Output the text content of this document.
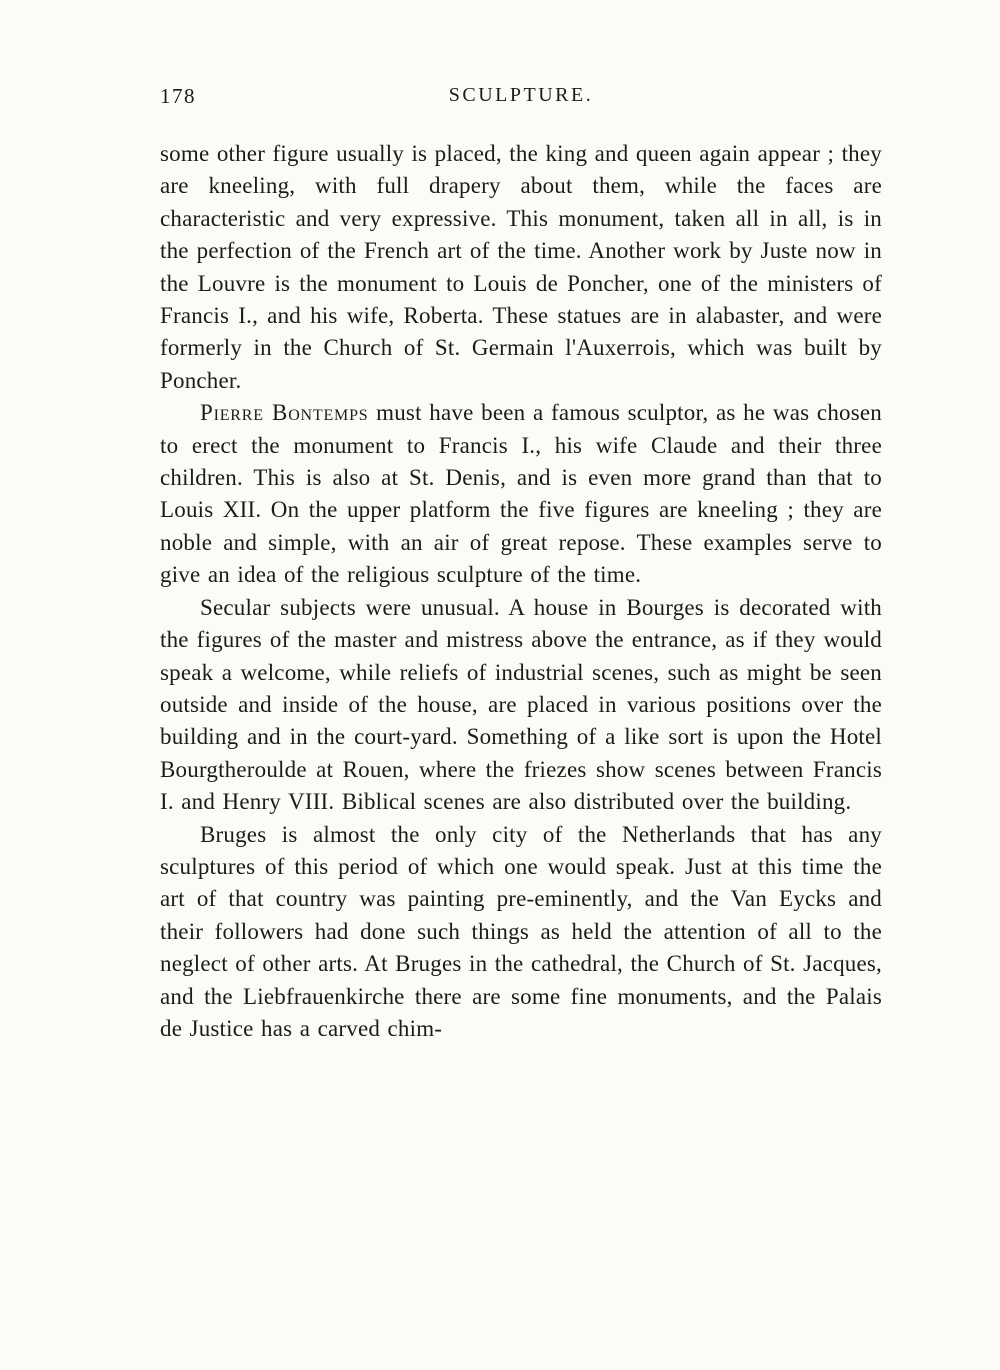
178	SCULPTURE.

some other figure usually is placed, the king and queen again appear ; they are kneeling, with full drapery about them, while the faces are characteristic and very expressive. This monument, taken all in all, is in the perfection of the French art of the time. Another work by Juste now in the Louvre is the monument to Louis de Poncher, one of the ministers of Francis I., and his wife, Roberta. These statues are in alabaster, and were formerly in the Church of St. Germain l'Auxerrois, which was built by Poncher.

Pierre Bontemps must have been a famous sculptor, as he was chosen to erect the monument to Francis I., his wife Claude and their three children. This is also at St. Denis, and is even more grand than that to Louis XII. On the upper platform the five figures are kneeling ; they are noble and simple, with an air of great repose. These examples serve to give an idea of the religious sculpture of the time.

Secular subjects were unusual. A house in Bourges is decorated with the figures of the master and mistress above the entrance, as if they would speak a welcome, while reliefs of industrial scenes, such as might be seen outside and inside of the house, are placed in various positions over the building and in the court-yard. Something of a like sort is upon the Hotel Bourgtheroulde at Rouen, where the friezes show scenes between Francis I. and Henry VIII. Biblical scenes are also distributed over the building.

Bruges is almost the only city of the Netherlands that has any sculptures of this period of which one would speak. Just at this time the art of that country was painting pre-eminently, and the Van Eycks and their followers had done such things as held the attention of all to the neglect of other arts. At Bruges in the cathedral, the Church of St. Jacques, and the Liebfrauenkirche there are some fine monuments, and the Palais de Justice has a carved chim-
